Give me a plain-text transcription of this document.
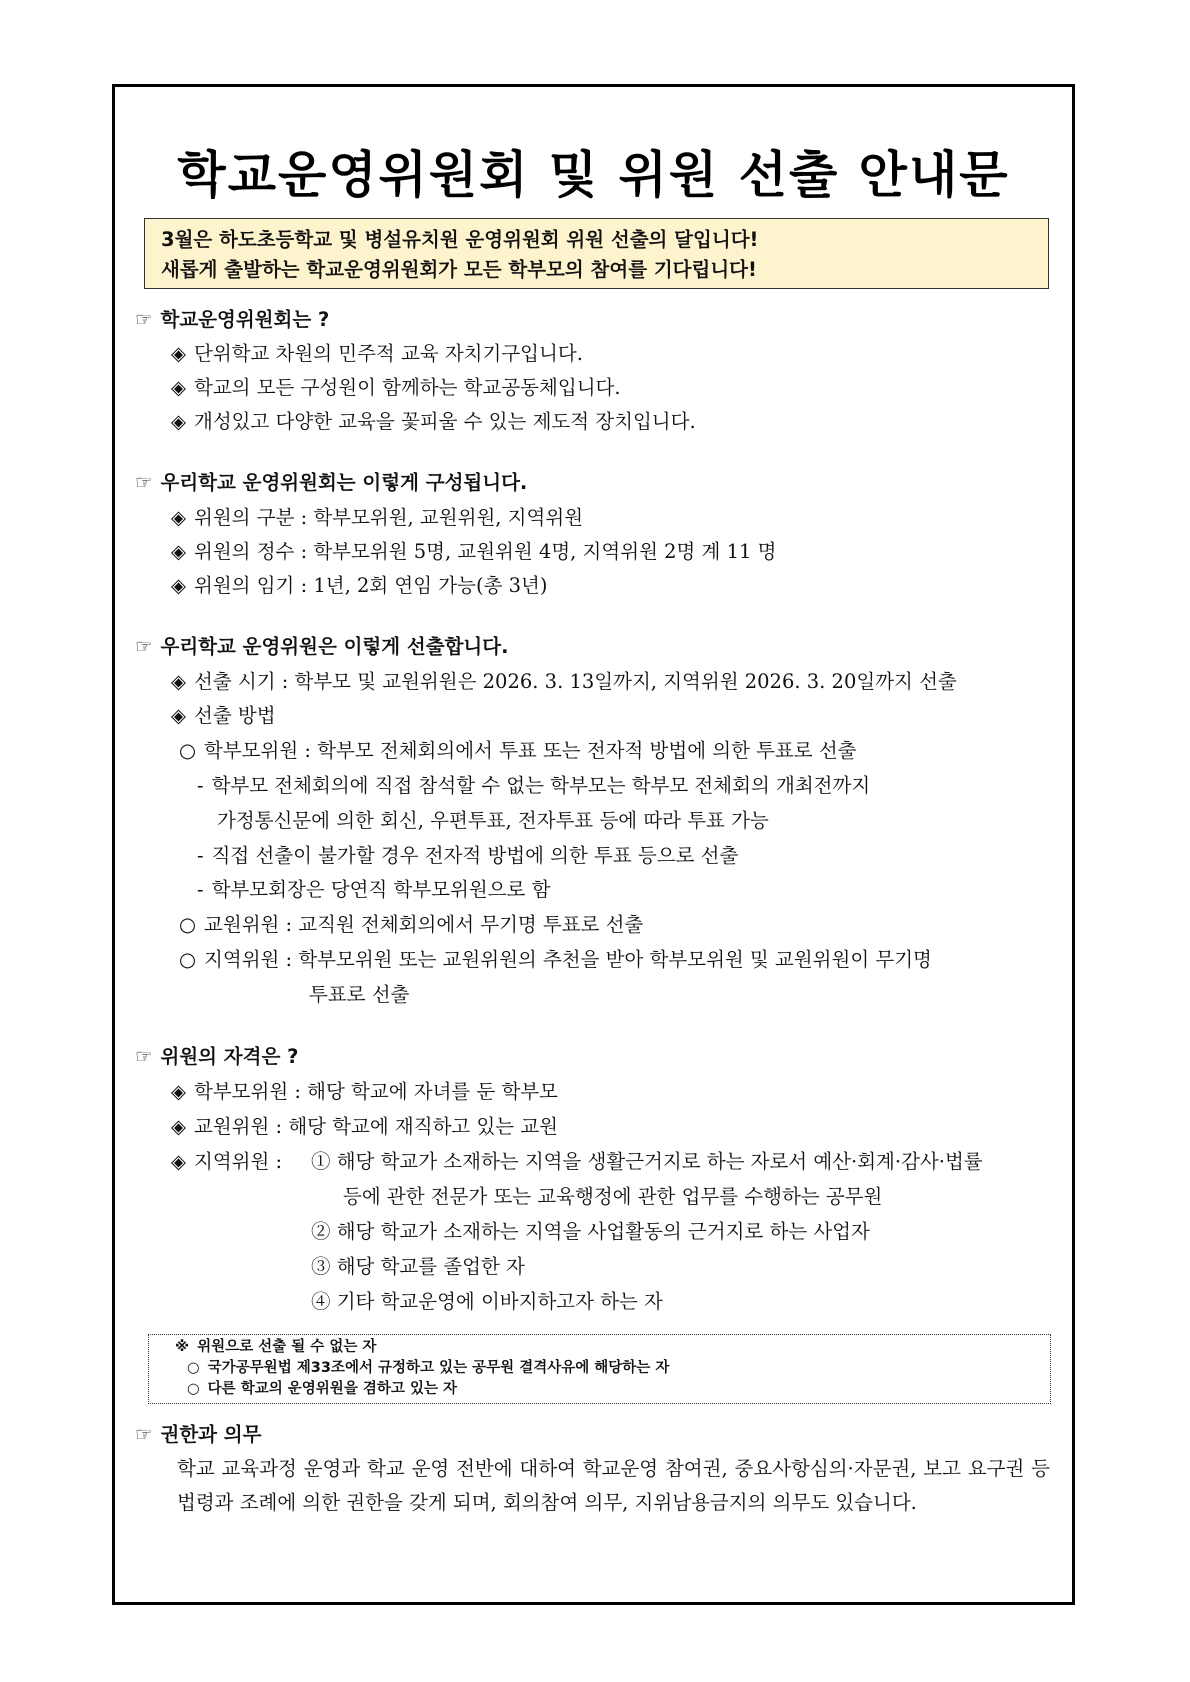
학교운영위원회 및 위원 선출 안내문
3월은 하도초등학교 및 병설유치원 운영위원회 위원 선출의 달입니다!
새롭게 출발하는 학교운영위원회가 모든 학부모의 참여를 기다립니다!
☞ 학교운영위원회는 ?
◈ 단위학교 차원의 민주적 교육 자치기구입니다.
◈ 학교의 모든 구성원이 함께하는 학교공동체입니다.
◈ 개성있고 다양한 교육을 꽃피울 수 있는 제도적 장치입니다.
☞ 우리학교 운영위원회는 이렇게 구성됩니다.
◈ 위원의 구분 : 학부모위원, 교원위원, 지역위원
◈ 위원의 정수 : 학부모위원 5명, 교원위원 4명, 지역위원 2명 계 11 명
◈ 위원의 임기 : 1년, 2회 연임 가능(총 3년)
☞ 우리학교 운영위원은 이렇게 선출합니다.
◈ 선출 시기 : 학부모 및 교원위원은 2026. 3. 13일까지, 지역위원 2026. 3. 20일까지 선출
◈ 선출 방법
○ 학부모위원 : 학부모 전체회의에서 투표 또는 전자적 방법에 의한 투표로 선출
- 학부모 전체회의에 직접 참석할 수 없는 학부모는 학부모 전체회의 개최전까지
가정통신문에 의한 회신, 우편투표, 전자투표 등에 따라 투표 가능
- 직접 선출이 불가할 경우 전자적 방법에 의한 투표 등으로 선출
- 학부모회장은 당연직 학부모위원으로 함
○ 교원위원 : 교직원 전체회의에서 무기명 투표로 선출
○ 지역위원 : 학부모위원 또는 교원위원의 추천을 받아 학부모위원 및 교원위원이 무기명
투표로 선출
☞ 위원의 자격은 ?
◈ 학부모위원 : 해당 학교에 자녀를 둔 학부모
◈ 교원위원 : 해당 학교에 재직하고 있는 교원
◈ 지역위원 : ① 해당 학교가 소재하는 지역을 생활근거지로 하는 자로서 예산·회계·감사·법률
등에 관한 전문가 또는 교육행정에 관한 업무를 수행하는 공무원
② 해당 학교가 소재하는 지역을 사업활동의 근거지로 하는 사업자
③ 해당 학교를 졸업한 자
④ 기타 학교운영에 이바지하고자 하는 자
※ 위원으로 선출 될 수 없는 자
○ 국가공무원법 제33조에서 규정하고 있는 공무원 결격사유에 해당하는 자
○ 다른 학교의 운영위원을 겸하고 있는 자
☞ 권한과 의무
학교 교육과정 운영과 학교 운영 전반에 대하여 학교운영 참여권, 중요사항심의·자문권, 보고 요구권 등 법령과 조례에 의한 권한을 갖게 되며, 회의참여 의무, 지위남용금지의 의무도 있습니다.
